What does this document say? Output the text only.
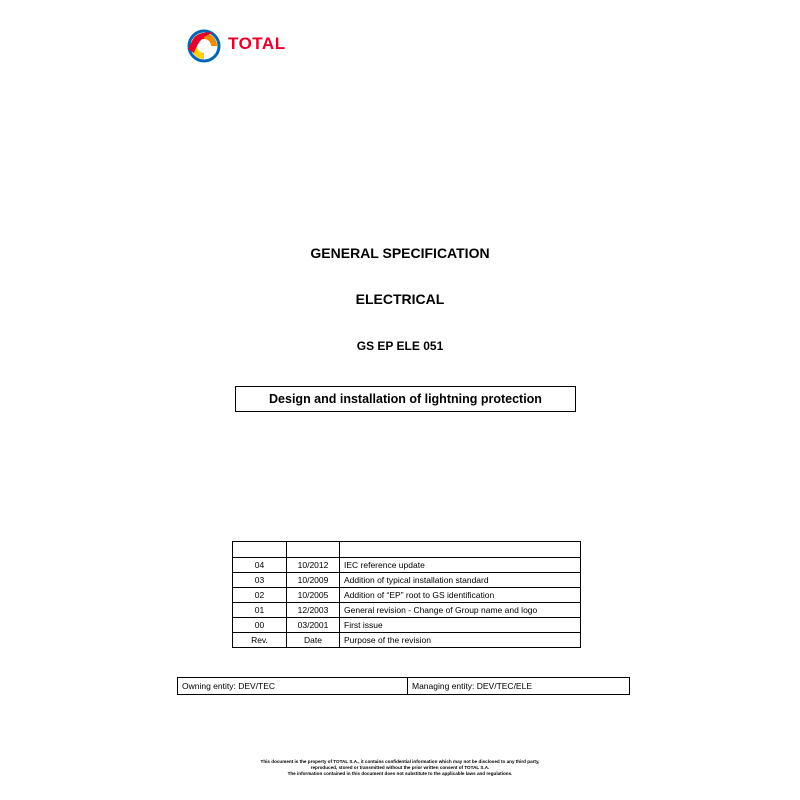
TOTAL
GENERAL SPECIFICATION
ELECTRICAL
GS EP ELE 051
Design and installation of lightning protection

04	10/2012	IEC reference update
03	10/2009	Addition of typical installation standard
02	10/2005	Addition of “EP” root to GS identification
01	12/2003	General revision - Change of Group name and logo
00	03/2001	First issue
Rev.	Date	Purpose of the revision
Owning entity: DEV/TEC	Managing entity: DEV/TEC/ELE
This document is the property of TOTAL S.A., it contains confidential information which may not be disclosed to any third party,
reproduced, stored or transmitted without the prior written consent of TOTAL S.A.
The information contained in this document does not substitute to the applicable laws and regulations.
